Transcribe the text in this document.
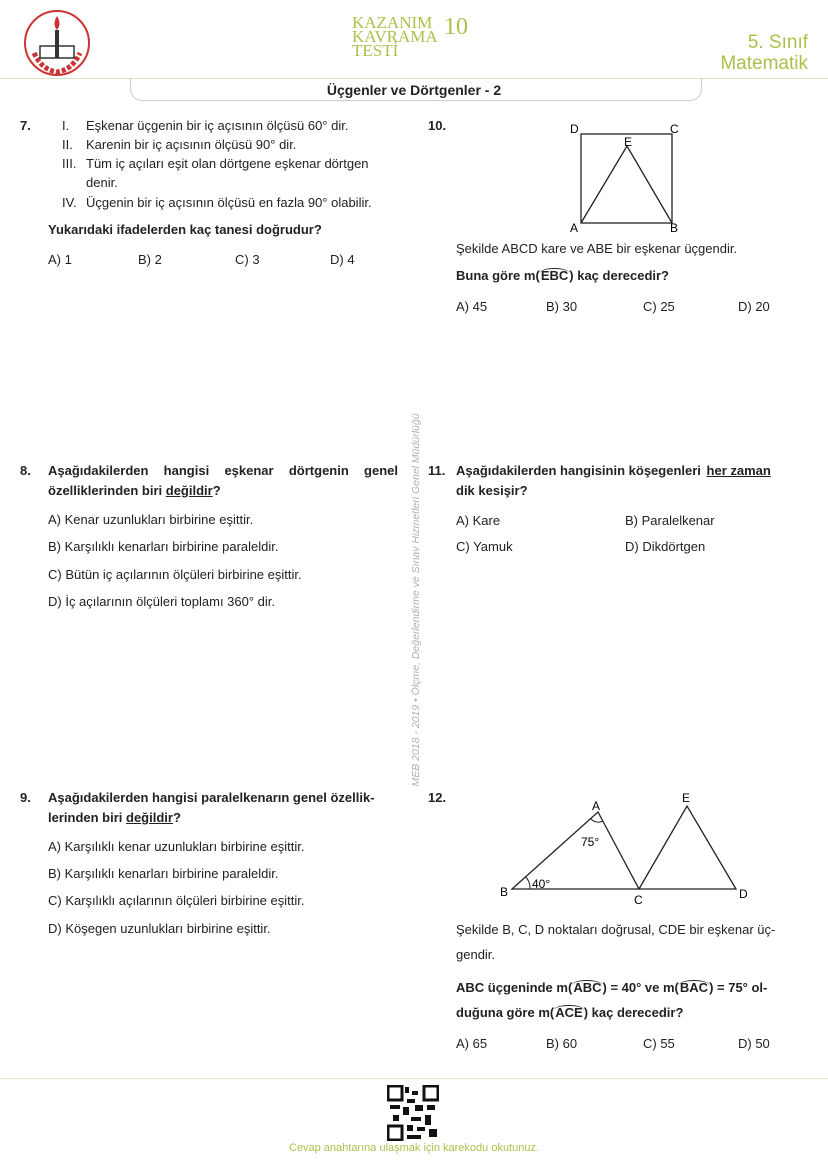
KAZANIM
KAVRAMA
TESTİ
10
5. Sınıf
Matematik
Üçgenler ve Dörtgenler - 2
MEB 2018 - 2019 • Ölçme, Değerlendirme ve Sınav Hizmetleri Genel Müdürlüğü
7. I. Eşkenar üçgenin bir iç açısının ölçüsü 60° dir.
II. Karenin bir iç açısının ölçüsü 90° dir.
III. Tüm iç açıları eşit olan dörtgene eşkenar dörtgen
denir.
IV. Üçgenin bir iç açısının ölçüsü en fazla 90° olabilir.
Yukarıdaki ifadelerden kaç tanesi doğrudur?
A) 1	B) 2	C) 3	D) 4
8. Aşağıdakilerden hangisi eşkenar dörtgenin genel
özelliklerinden biri değildir?
A) Kenar uzunlukları birbirine eşittir.
B) Karşılıklı kenarları birbirine paraleldir.
C) Bütün iç açılarının ölçüleri birbirine eşittir.
D) İç açılarının ölçüleri toplamı 360° dir.
9. Aşağıdakilerden hangisi paralelkenarın genel özellik-
lerinden biri değildir?
A) Karşılıklı kenar uzunlukları birbirine eşittir.
B) Karşılıklı kenarları birbirine paraleldir.
C) Karşılıklı açılarının ölçüleri birbirine eşittir.
D) Köşegen uzunlukları birbirine eşittir.
10.	D	C
E
A	B
Şekilde ABCD kare ve ABE bir eşkenar üçgendir.
Buna göre m(EBC) kaç derecedir?
A) 45	B) 30	C) 25	D) 20
11. Aşağıdakilerden hangisinin köşegenleri her zaman
dik kesişir?
A) Kare	B) Paralelkenar
C) Yamuk	D) Dikdörtgen
12.
A
E
B
C	D
75°
40°
Şekilde B, C, D noktaları doğrusal, CDE bir eşkenar üç-
gendir.
ABC üçgeninde m(ABC) = 40° ve m(BAC) = 75° ol-
duğuna göre m(ACE) kaç derecedir?
A) 65	B) 60	C) 55	D) 50
Cevap anahtarına ulaşmak için karekodu okutunuz.
